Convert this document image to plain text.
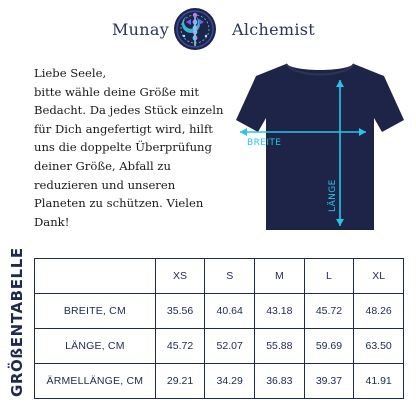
Munay	Alchemist

Liebe Seele,

bitte wähle deine Größe mit

Bedacht. Da jedes Stück einzeln

für Dich angefertigt wird, hilft

uns die doppelte Überprüfung

deiner Größe, Abfall zu

reduzieren und unseren

Planeten zu schützen. Vielen

Dank!

BREITE
LÄNGE
GRÖßENTABELLE
		XS	S	M	L	XL
BREITE, CM	35.56	40.64	43.18	45.72	48.26
LÄNGE, CM	45.72	52.07	55.88	59.69	63.50
ÄRMELLÄNGE, CM	29.21	34.29	36.83	39.37	41.91
